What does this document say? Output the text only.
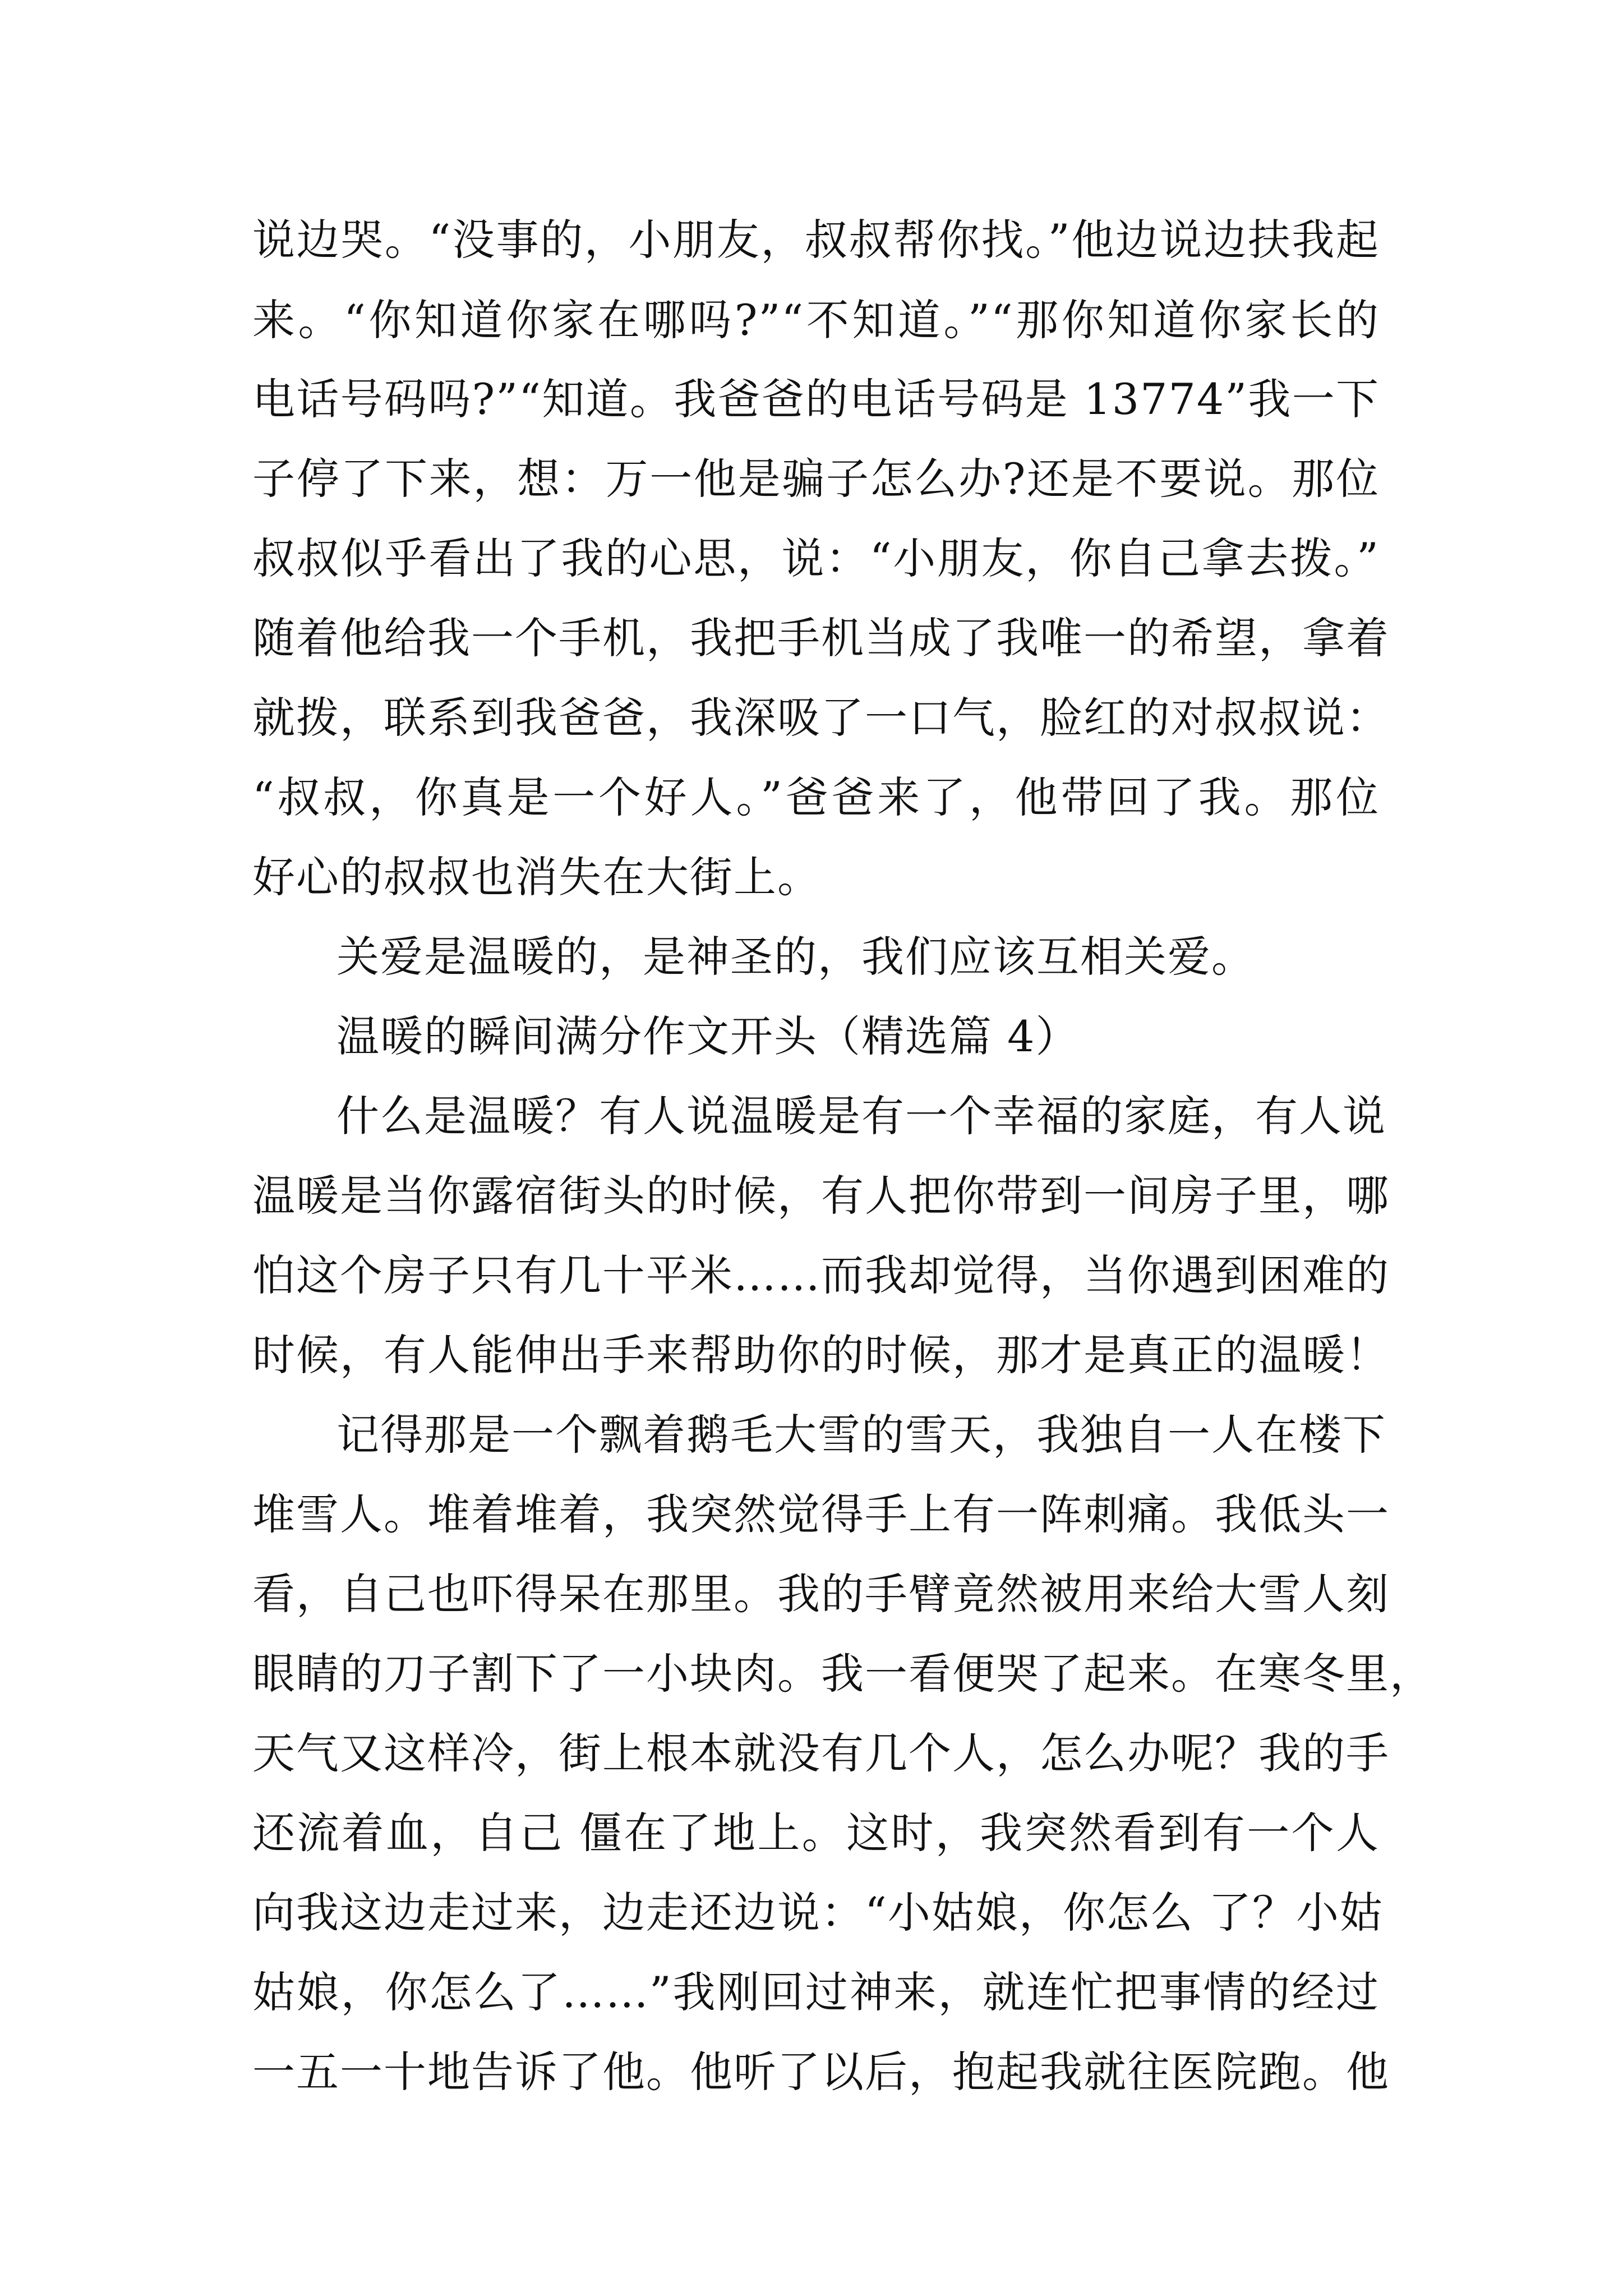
说边哭。“没事的，小朋友，叔叔帮你找。”他边说边扶我起
来。“你知道你家在哪吗?”“不知道。”“那你知道你家长的
电话号码吗?”“知道。我爸爸的电话号码是 13774”我一下
子停了下来，想：万一他是骗子怎么办?还是不要说。那位
叔叔似乎看出了我的心思，说：“小朋友，你自己拿去拨。”
随着他给我一个手机，我把手机当成了我唯一的希望，拿着
就拨，联系到我爸爸，我深吸了一口气，脸红的对叔叔说：
“叔叔，你真是一个好人。”爸爸来了，他带回了我。那位
好心的叔叔也消失在大街上。
关爱是温暖的，是神圣的，我们应该互相关爱。
温暖的瞬间满分作文开头（精选篇 4）
什么是温暖？有人说温暖是有一个幸福的家庭，有人说
温暖是当你露宿街头的时候，有人把你带到一间房子里，哪
怕这个房子只有几十平米……而我却觉得，当你遇到困难的
时候，有人能伸出手来帮助你的时候，那才是真正的温暖！
记得那是一个飘着鹅毛大雪的雪天，我独自一人在楼下
堆雪人。堆着堆着，我突然觉得手上有一阵刺痛。我低头一
看，自己也吓得呆在那里。我的手臂竟然被用来给大雪人刻
眼睛的刀子割下了一小块肉。我一看便哭了起来。在寒冬里，
天气又这样冷，街上根本就没有几个人，怎么办呢？我的手
还流着血，自己 僵在了地上。这时，我突然看到有一个人
向我这边走过来，边走还边说：“小姑娘，你怎么 了？小姑
姑娘，你怎么了……”我刚回过神来，就连忙把事情的经过
一五一十地告诉了他。他听了以后，抱起我就往医院跑。他
